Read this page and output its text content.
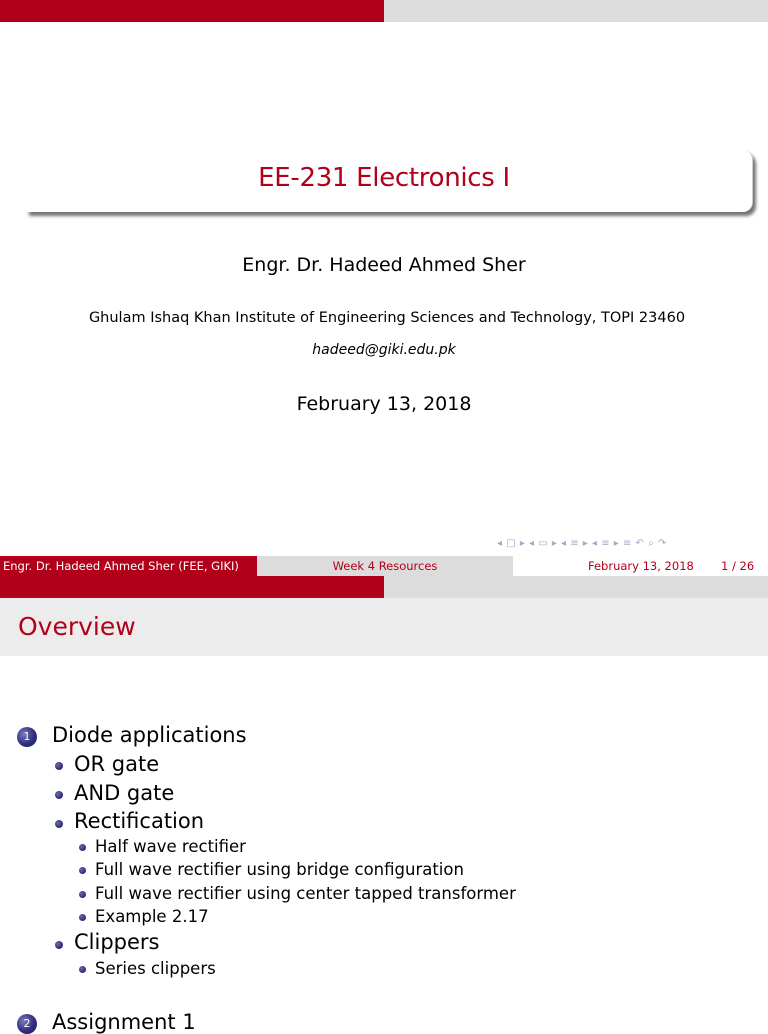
EE-231 Electronics I
Engr. Dr. Hadeed Ahmed Sher
Ghulam Ishaq Khan Institute of Engineering Sciences and Technology, TOPI 23460
hadeed@giki.edu.pk
February 13, 2018
◂ □ ▸ ◂ ▭ ▸ ◂ ≡ ▸ ◂ ≡ ▸ ≡ ↶ ⌕ ↷
Engr. Dr. Hadeed Ahmed Sher (FEE, GIKI)	Week 4 Resources	February 13, 2018 1 / 26
Overview
1	Diode applications
OR gate
AND gate
Rectification
Half wave rectifier
Full wave rectifier using bridge configuration
Full wave rectifier using center tapped transformer
Example 2.17
Clippers
Series clippers
2	Assignment 1
